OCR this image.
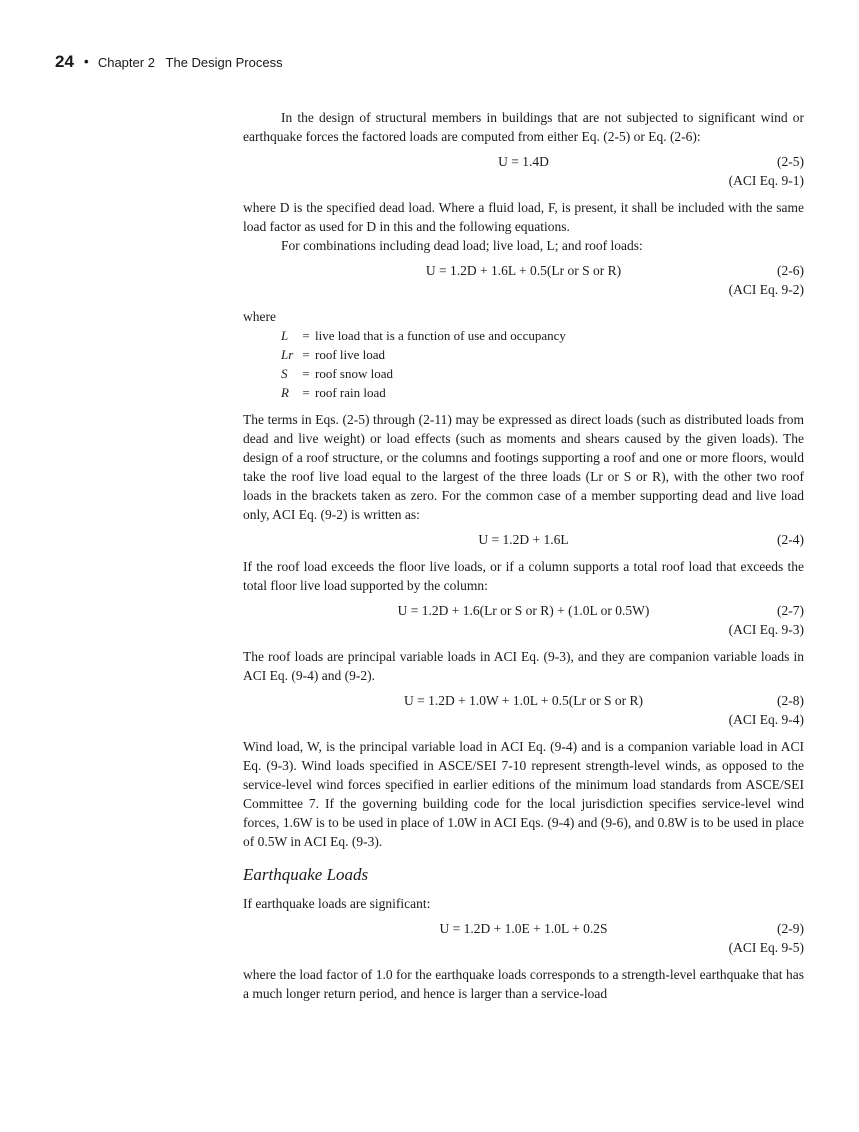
24 • Chapter 2   The Design Process

In the design of structural members in buildings that are not subjected to significant wind or earthquake forces the factored loads are computed from either Eq. (2-5) or Eq. (2-6):

U = 1.4D	(2-5)
(ACI Eq. 9-1)

where D is the specified dead load. Where a fluid load, F, is present, it shall be included with the same load factor as used for D in this and the following equations.

For combinations including dead load; live load, L; and roof loads:

U = 1.2D + 1.6L + 0.5(Lr or S or R)	(2-6)
(ACI Eq. 9-2)

where

L = live load that is a function of use and occupancy
Lr = roof live load
S = roof snow load
R = roof rain load

The terms in Eqs. (2-5) through (2-11) may be expressed as direct loads (such as distributed loads from dead and live weight) or load effects (such as moments and shears caused by the given loads). The design of a roof structure, or the columns and footings supporting a roof and one or more floors, would take the roof live load equal to the largest of the three loads (Lr or S or R), with the other two roof loads in the brackets taken as zero. For the common case of a member supporting dead and live load only, ACI Eq. (9-2) is written as:

U = 1.2D + 1.6L	(2-4)

If the roof load exceeds the floor live loads, or if a column supports a total roof load that exceeds the total floor live load supported by the column:

U = 1.2D + 1.6(Lr or S or R) + (1.0L or 0.5W)	(2-7)
(ACI Eq. 9-3)

The roof loads are principal variable loads in ACI Eq. (9-3), and they are companion variable loads in ACI Eq. (9-4) and (9-2).

U = 1.2D + 1.0W + 1.0L + 0.5(Lr or S or R)	(2-8)
(ACI Eq. 9-4)

Wind load, W, is the principal variable load in ACI Eq. (9-4) and is a companion variable load in ACI Eq. (9-3). Wind loads specified in ASCE/SEI 7-10 represent strength-level winds, as opposed to the service-level wind forces specified in earlier editions of the minimum load standards from ASCE/SEI Committee 7. If the governing building code for the local jurisdiction specifies service-level wind forces, 1.6W is to be used in place of 1.0W in ACI Eqs. (9-4) and (9-6), and 0.8W is to be used in place of 0.5W in ACI Eq. (9-3).

Earthquake Loads

If earthquake loads are significant:

U = 1.2D + 1.0E + 1.0L + 0.2S	(2-9)
(ACI Eq. 9-5)

where the load factor of 1.0 for the earthquake loads corresponds to a strength-level earthquake that has a much longer return period, and hence is larger than a service-load
